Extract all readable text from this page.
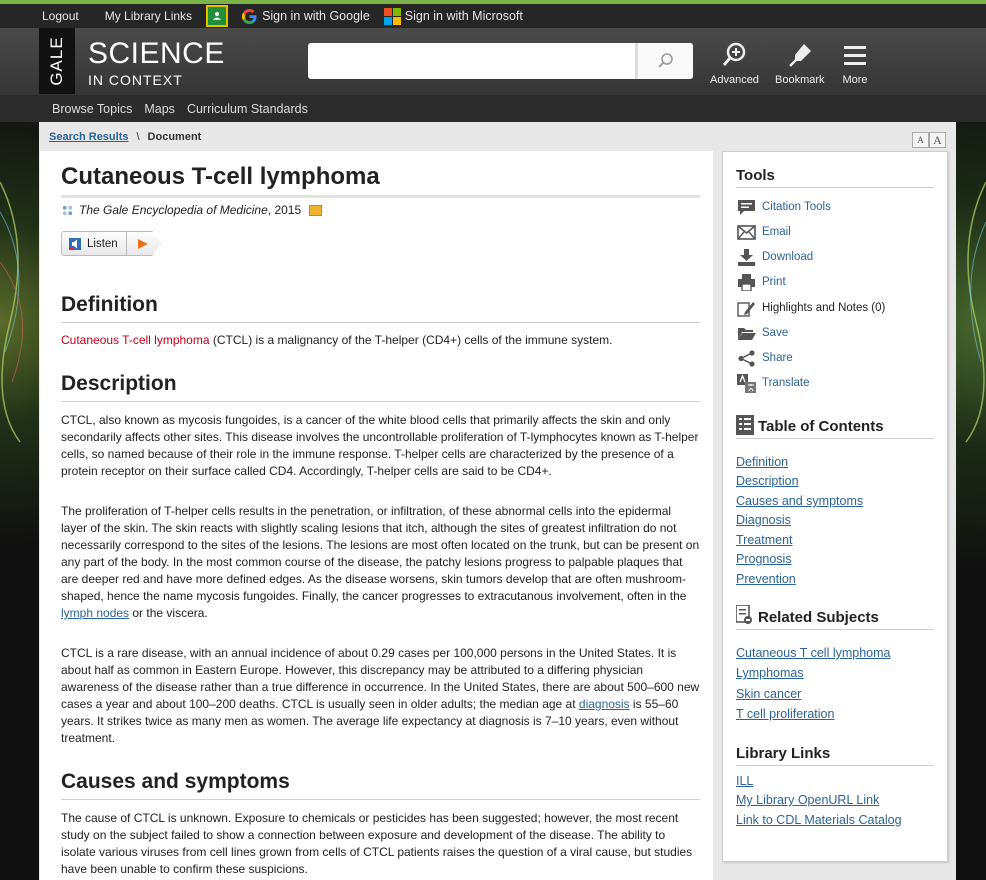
Logout My Library Links	Sign in with Google	Sign in with Microsoft
GALE SCIENCE
IN CONTEXT	Advanced Bookmark More
Browse Topics Maps Curriculum Standards
Search Results \ Document	A A
Cutaneous T-cell lymphoma
The Gale Encyclopedia of Medicine , 2015
Listen
Definition

Cutaneous T-cell lymphoma (CTCL) is a malignancy of the T-helper (CD4+) cells of the immune system.

Description

CTCL, also known as mycosis fungoides, is a cancer of the white blood cells that primarily affects the skin and only secondarily affects other sites. This disease involves the uncontrollable proliferation of T-lymphocytes known as T-helper cells, so named because of their role in the immune response. T-helper cells are characterized by the presence of a protein receptor on their surface called CD4. Accordingly, T-helper cells are said to be CD4+.

The proliferation of T-helper cells results in the penetration, or infiltration, of these abnormal cells into the epidermal layer of the skin. The skin reacts with slightly scaling lesions that itch, although the sites of greatest infiltration do not necessarily correspond to the sites of the lesions. The lesions are most often located on the trunk, but can be present on any part of the body. In the most common course of the disease, the patchy lesions progress to palpable plaques that are deeper red and have more defined edges. As the disease worsens, skin tumors develop that are often mushroom-shaped, hence the name mycosis fungoides. Finally, the cancer progresses to extracutanous involvement, often in the lymph nodes or the viscera.

CTCL is a rare disease, with an annual incidence of about 0.29 cases per 100,000 persons in the United States. It is about half as common in Eastern Europe. However, this discrepancy may be attributed to a differing physician awareness of the disease rather than a true difference in occurrence. In the United States, there are about 500–600 new cases a year and about 100–200 deaths. CTCL is usually seen in older adults; the median age at diagnosis is 55–60 years. It strikes twice as many men as women. The average life expectancy at diagnosis is 7–10 years, even without treatment.

Causes and symptoms

The cause of CTCL is unknown. Exposure to chemicals or pesticides has been suggested; however, the most recent study on the subject failed to show a connection between exposure and development of the disease. The ability to isolate various viruses from cell lines grown from cells of CTCL patients raises the question of a viral cause, but studies have been unable to confirm these suspicions.

Tools
Citation Tools
Email
Download
Print
Highlights and Notes (0)
Save
Share
Translate
Table of Contents
Definition
Description
Causes and symptoms
Diagnosis
Treatment
Prognosis
Prevention
Related Subjects
Cutaneous T cell lymphoma
Lymphomas
Skin cancer
T cell proliferation
Library Links
ILL
My Library OpenURL Link
Link to CDL Materials Catalog
